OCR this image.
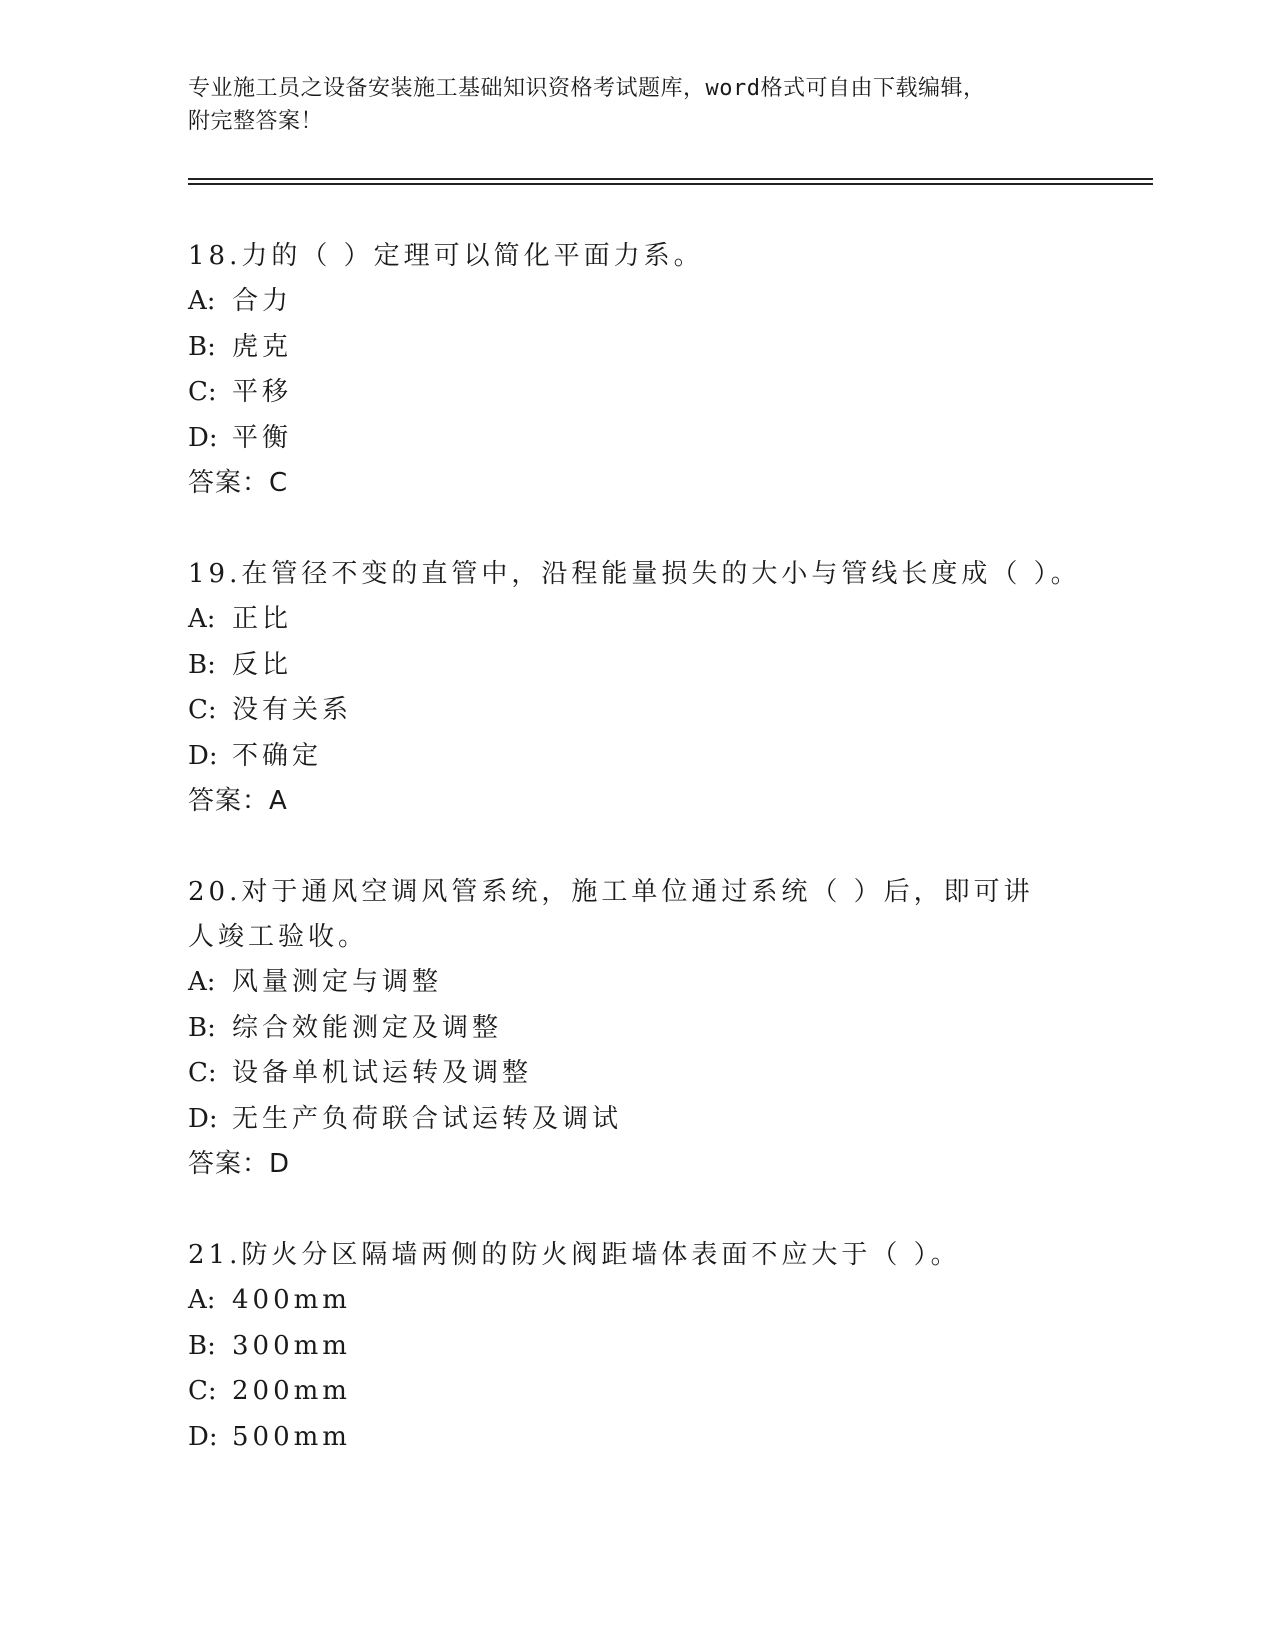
专业施工员之设备安装施工基础知识资格考试题库，word格式可自由下载编辑，
附完整答案！
18.力的（ ）定理可以简化平面力系。
A: 合力
B: 虎克
C: 平移
D: 平衡
答案：C
19.在管径不变的直管中，沿程能量损失的大小与管线长度成（ ）。
A: 正比
B: 反比
C: 没有关系
D: 不确定
答案：A
20.对于通风空调风管系统，施工单位通过系统（ ）后，即可讲人竣工验收。
A: 风量测定与调整
B: 综合效能测定及调整
C: 设备单机试运转及调整
D: 无生产负荷联合试运转及调试
答案：D
21.防火分区隔墙两侧的防火阀距墙体表面不应大于（ ）。
A: 400mm
B: 300mm
C: 200mm
D: 500mm
